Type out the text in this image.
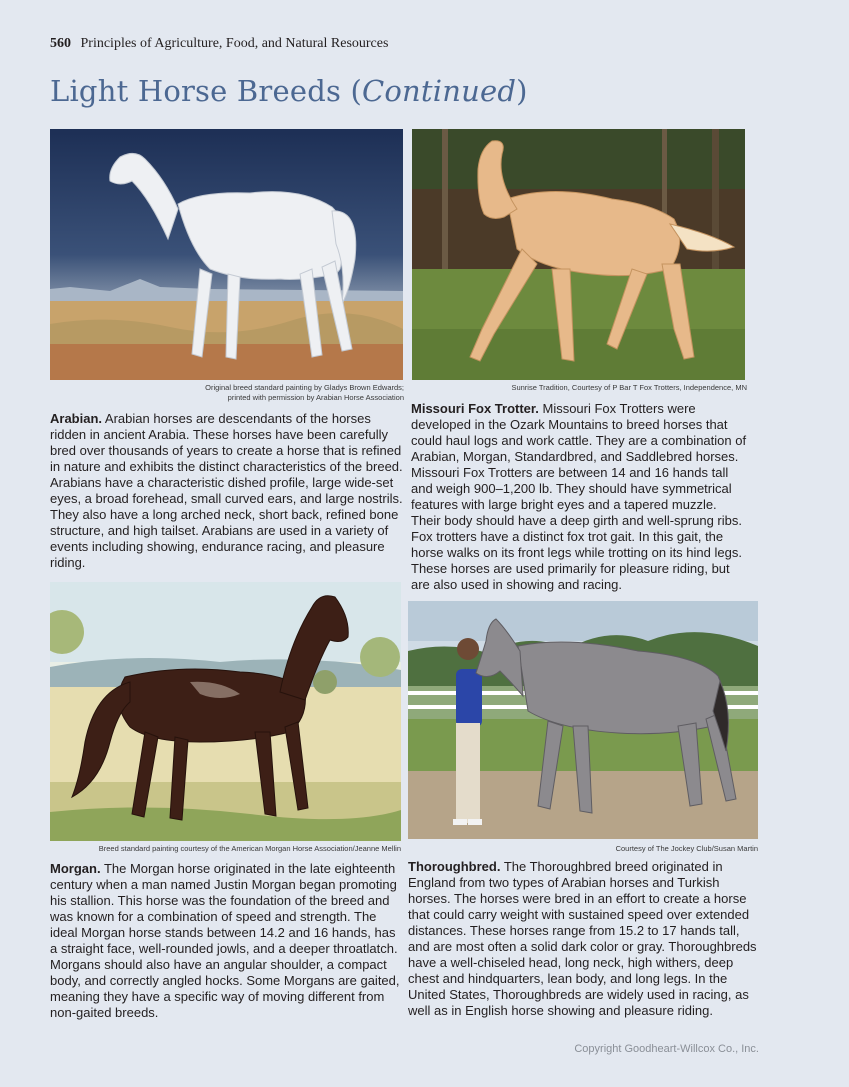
560 Principles of Agriculture, Food, and Natural Resources
Light Horse Breeds (Continued)
Original breed standard painting by Gladys Brown Edwards;
printed with permission by Arabian Horse Association
Sunrise Tradition, Courtesy of P Bar T Fox Trotters, Independence, MN
Arabian. Arabian horses are descendants of the horses ridden in ancient Arabia. These horses have been carefully bred over thousands of years to create a horse that is refined in nature and exhibits the distinct characteristics of the breed. Arabians have a characteristic dished profile, large wide-set eyes, a broad forehead, small curved ears, and large nostrils. They also have a long arched neck, short back, refined bone structure, and high tailset. Arabians are used in a variety of events including showing, endurance racing, and pleasure riding.
Missouri Fox Trotter. Missouri Fox Trotters were developed in the Ozark Mountains to breed horses that could haul logs and work cattle. They are a combination of Arabian, Morgan, Standardbred, and Saddlebred horses. Missouri Fox Trotters are between 14 and 16 hands tall and weigh 900–1,200 lb. They should have symmetrical features with large bright eyes and a tapered muzzle. Their body should have a deep girth and well-sprung ribs. Fox trotters have a distinct fox trot gait. In this gait, the horse walks on its front legs while trotting on its hind legs. These horses are used primarily for pleasure riding, but are also used in showing and racing.
Breed standard painting courtesy of the American Morgan Horse Association/Jeanne Mellin	Courtesy of The Jockey Club/Susan Martin
Morgan. The Morgan horse originated in the late eighteenth century when a man named Justin Morgan began promoting his stallion. This horse was the foundation of the breed and was known for a combination of speed and strength. The ideal Morgan horse stands between 14.2 and 16 hands, has a straight face, well-rounded jowls, and a deeper throatlatch. Morgans should also have an angular shoulder, a compact body, and correctly angled hocks. Some Morgans are gaited, meaning they have a specific way of moving different from non-gaited breeds.
Thoroughbred. The Thoroughbred breed originated in England from two types of Arabian horses and Turkish horses. The horses were bred in an effort to create a horse that could carry weight with sustained speed over extended distances. These horses range from 15.2 to 17 hands tall, and are most often a solid dark color or gray. Thoroughbreds have a well-chiseled head, long neck, high withers, deep chest and hindquarters, lean body, and long legs. In the United States, Thoroughbreds are widely used in racing, as well as in English horse showing and pleasure riding.
Copyright Goodheart-Willcox Co., Inc.
